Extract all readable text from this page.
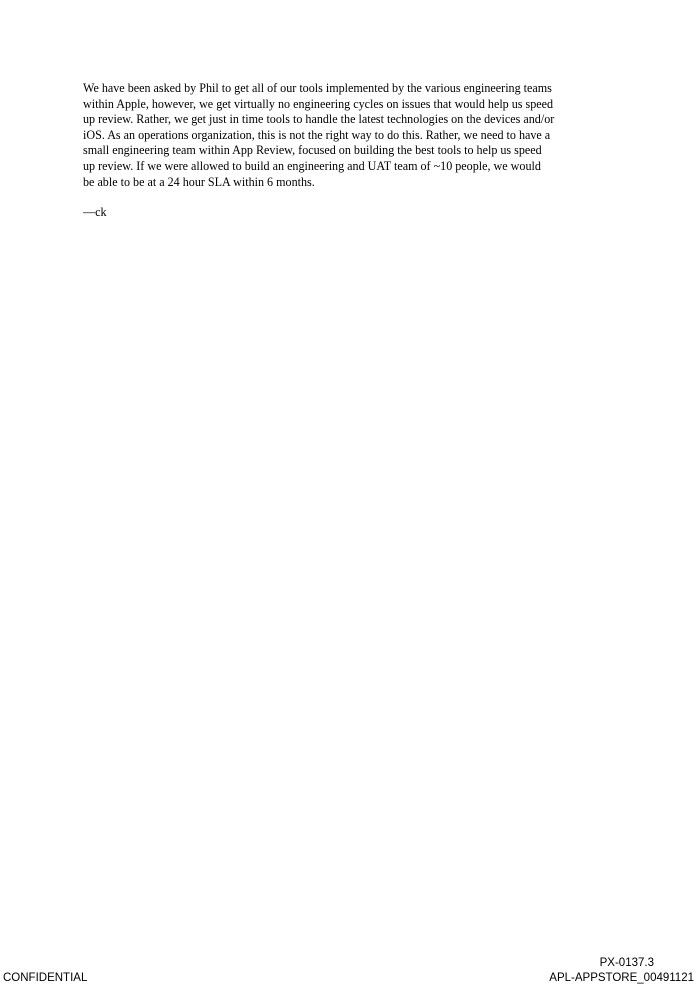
We have been asked by Phil to get all of our tools implemented by the various engineering teams
within Apple, however, we get virtually no engineering cycles on issues that would help us speed
up review. Rather, we get just in time tools to handle the latest technologies on the devices and/or
iOS. As an operations organization, this is not the right way to do this. Rather, we need to have a
small engineering team within App Review, focused on building the best tools to help us speed
up review. If we were allowed to build an engineering and UAT team of ~10 people, we would
be able to be at a 24 hour SLA within 6 months.

—ck

PX-0137.3

CONFIDENTIAL	APL-APPSTORE_00491121
